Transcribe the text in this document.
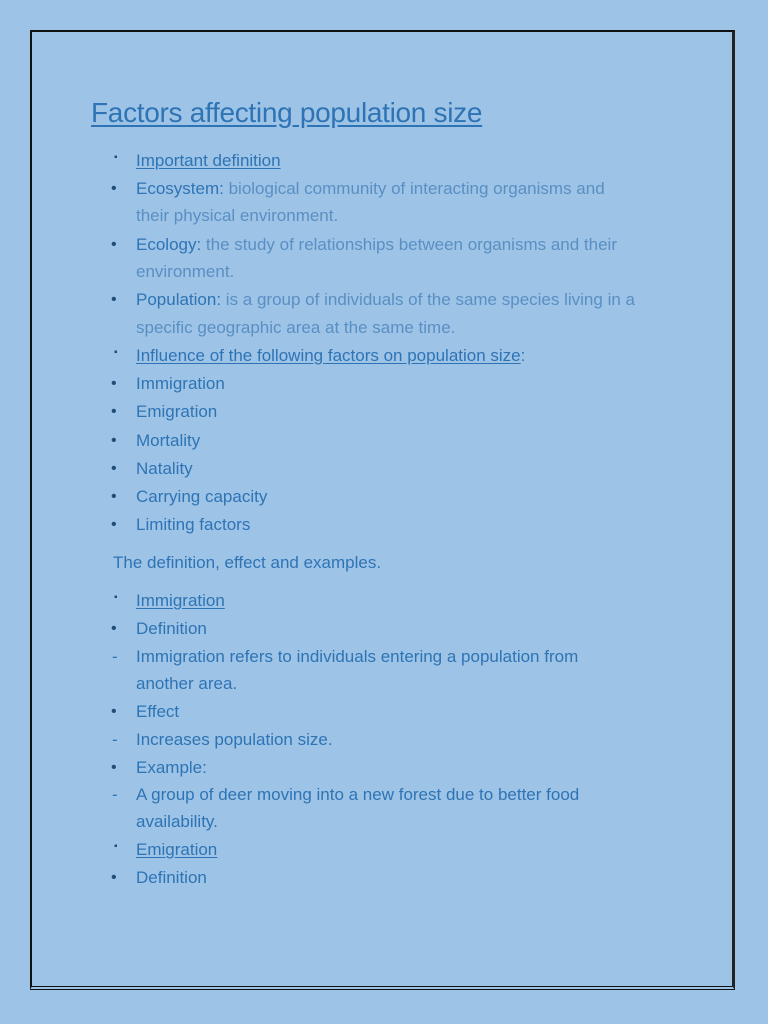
Factors affecting population size
▪	Important definition
•	Ecosystem: biological community of interacting organisms and
their physical environment.
•	Ecology: the study of relationships between organisms and their
environment.
•	Population: is a group of individuals of the same species living in a
specific geographic area at the same time.
▪	Influence of the following factors on population size:
•	Immigration
•	Emigration
•	Mortality
•	Natality
•	Carrying capacity
•	Limiting factors
The definition, effect and examples.
▪	Immigration
•	Definition
-	Immigration refers to individuals entering a population from
another area.
•	Effect
-	Increases population size.
•	Example:
-	A group of deer moving into a new forest due to better food
availability.
▪	Emigration
•	Definition
